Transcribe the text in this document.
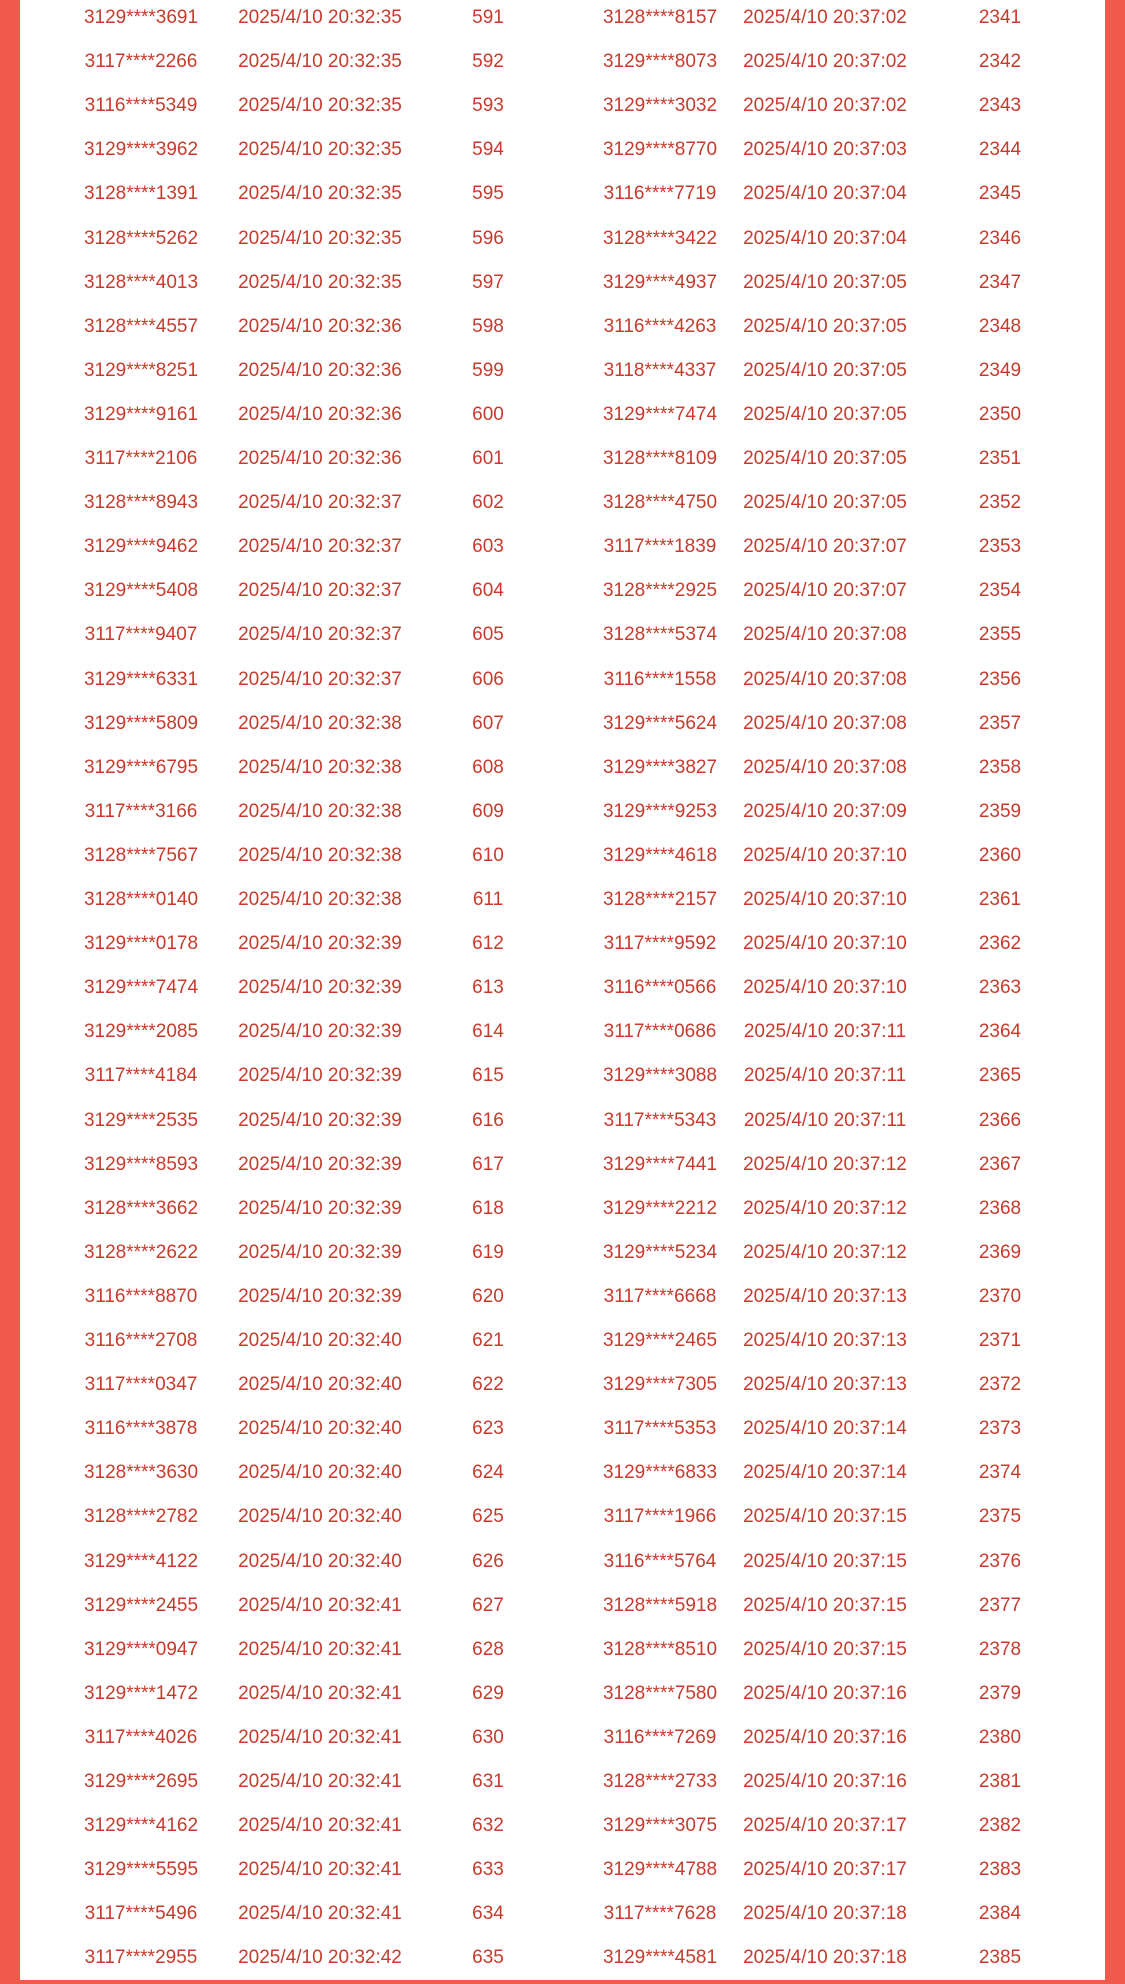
3129****3691	2025/4/10 20:32:35	591	3128****8157	2025/4/10 20:37:02	2341
3117****2266	2025/4/10 20:32:35	592	3129****8073	2025/4/10 20:37:02	2342
3116****5349	2025/4/10 20:32:35	593	3129****3032	2025/4/10 20:37:02	2343
3129****3962	2025/4/10 20:32:35	594	3129****8770	2025/4/10 20:37:03	2344
3128****1391	2025/4/10 20:32:35	595	3116****7719	2025/4/10 20:37:04	2345
3128****5262	2025/4/10 20:32:35	596	3128****3422	2025/4/10 20:37:04	2346
3128****4013	2025/4/10 20:32:35	597	3129****4937	2025/4/10 20:37:05	2347
3128****4557	2025/4/10 20:32:36	598	3116****4263	2025/4/10 20:37:05	2348
3129****8251	2025/4/10 20:32:36	599	3118****4337	2025/4/10 20:37:05	2349
3129****9161	2025/4/10 20:32:36	600	3129****7474	2025/4/10 20:37:05	2350
3117****2106	2025/4/10 20:32:36	601	3128****8109	2025/4/10 20:37:05	2351
3128****8943	2025/4/10 20:32:37	602	3128****4750	2025/4/10 20:37:05	2352
3129****9462	2025/4/10 20:32:37	603	3117****1839	2025/4/10 20:37:07	2353
3129****5408	2025/4/10 20:32:37	604	3128****2925	2025/4/10 20:37:07	2354
3117****9407	2025/4/10 20:32:37	605	3128****5374	2025/4/10 20:37:08	2355
3129****6331	2025/4/10 20:32:37	606	3116****1558	2025/4/10 20:37:08	2356
3129****5809	2025/4/10 20:32:38	607	3129****5624	2025/4/10 20:37:08	2357
3129****6795	2025/4/10 20:32:38	608	3129****3827	2025/4/10 20:37:08	2358
3117****3166	2025/4/10 20:32:38	609	3129****9253	2025/4/10 20:37:09	2359
3128****7567	2025/4/10 20:32:38	610	3129****4618	2025/4/10 20:37:10	2360
3128****0140	2025/4/10 20:32:38	611	3128****2157	2025/4/10 20:37:10	2361
3129****0178	2025/4/10 20:32:39	612	3117****9592	2025/4/10 20:37:10	2362
3129****7474	2025/4/10 20:32:39	613	3116****0566	2025/4/10 20:37:10	2363
3129****2085	2025/4/10 20:32:39	614	3117****0686	2025/4/10 20:37:11	2364
3117****4184	2025/4/10 20:32:39	615	3129****3088	2025/4/10 20:37:11	2365
3129****2535	2025/4/10 20:32:39	616	3117****5343	2025/4/10 20:37:11	2366
3129****8593	2025/4/10 20:32:39	617	3129****7441	2025/4/10 20:37:12	2367
3128****3662	2025/4/10 20:32:39	618	3129****2212	2025/4/10 20:37:12	2368
3128****2622	2025/4/10 20:32:39	619	3129****5234	2025/4/10 20:37:12	2369
3116****8870	2025/4/10 20:32:39	620	3117****6668	2025/4/10 20:37:13	2370
3116****2708	2025/4/10 20:32:40	621	3129****2465	2025/4/10 20:37:13	2371
3117****0347	2025/4/10 20:32:40	622	3129****7305	2025/4/10 20:37:13	2372
3116****3878	2025/4/10 20:32:40	623	3117****5353	2025/4/10 20:37:14	2373
3128****3630	2025/4/10 20:32:40	624	3129****6833	2025/4/10 20:37:14	2374
3128****2782	2025/4/10 20:32:40	625	3117****1966	2025/4/10 20:37:15	2375
3129****4122	2025/4/10 20:32:40	626	3116****5764	2025/4/10 20:37:15	2376
3129****2455	2025/4/10 20:32:41	627	3128****5918	2025/4/10 20:37:15	2377
3129****0947	2025/4/10 20:32:41	628	3128****8510	2025/4/10 20:37:15	2378
3129****1472	2025/4/10 20:32:41	629	3128****7580	2025/4/10 20:37:16	2379
3117****4026	2025/4/10 20:32:41	630	3116****7269	2025/4/10 20:37:16	2380
3129****2695	2025/4/10 20:32:41	631	3128****2733	2025/4/10 20:37:16	2381
3129****4162	2025/4/10 20:32:41	632	3129****3075	2025/4/10 20:37:17	2382
3129****5595	2025/4/10 20:32:41	633	3129****4788	2025/4/10 20:37:17	2383
3117****5496	2025/4/10 20:32:41	634	3117****7628	2025/4/10 20:37:18	2384
3117****2955	2025/4/10 20:32:42	635	3129****4581	2025/4/10 20:37:18	2385
